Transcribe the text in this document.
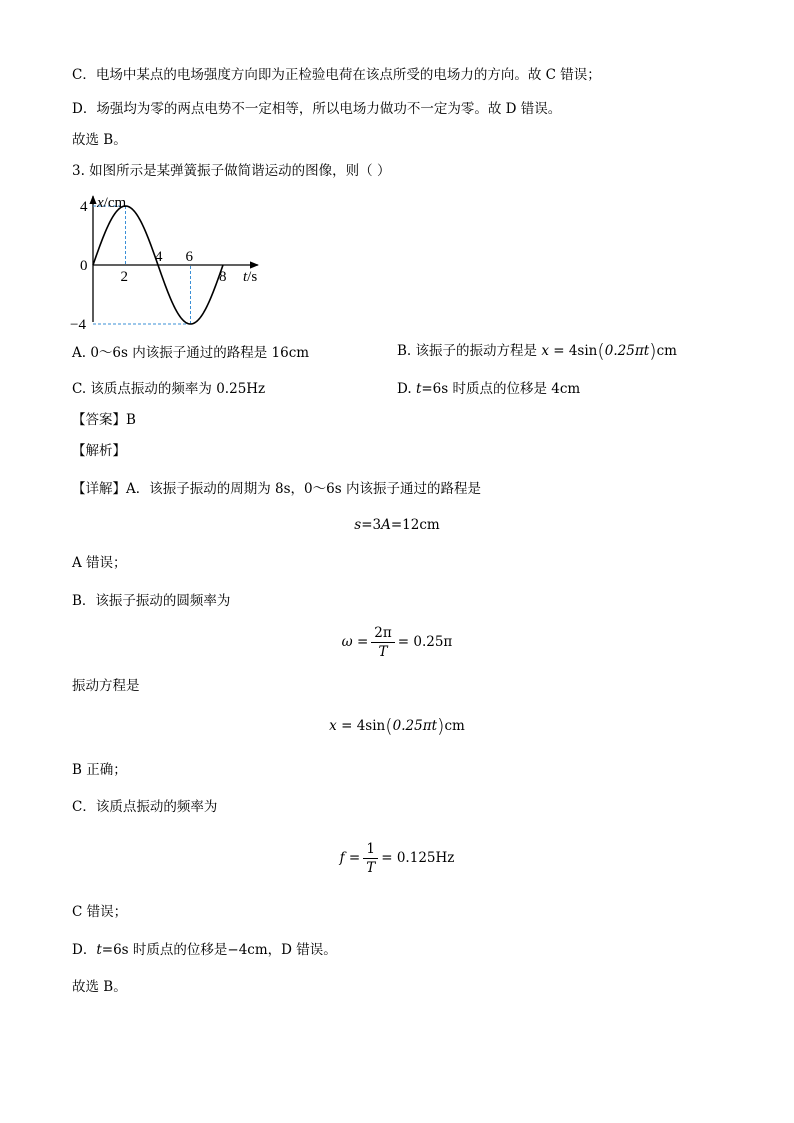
C．电场中某点的电场强度方向即为正检验电荷在该点所受的电场力的方向。故 C 错误；
D．场强均为零的两点电势不一定相等，所以电场力做功不一定为零。故 D 错误。
故选 B。
3. 如图所示是某弹簧振子做简谐运动的图像，则（ ）
x/cm
t/s
0
4
−4
2
4 6
8
A. 0～6s 内该振子通过的路程是 16cm	B. 该振子的振动方程是 x = 4sin(0.25πt)cm
C. 该质点振动的频率为 0.25Hz	D. t=6s 时质点的位移是 4cm
【答案】B
【解析】
【详解】A．该振子振动的周期为 8s，0～6s 内该振子通过的路程是
s=3A=12cm
A 错误；
B．该振子振动的圆频率为
$\omega = \frac{2\pi}{T} = 0.25\pi$
振动方程是
x = 4sin(0.25πt)cm
B 正确；
C．该质点振动的频率为
$f = \frac{1}{T} = 0.125Hz$
C 错误；
D．t=6s 时质点的位移是−4cm，D 错误。
故选 B。
